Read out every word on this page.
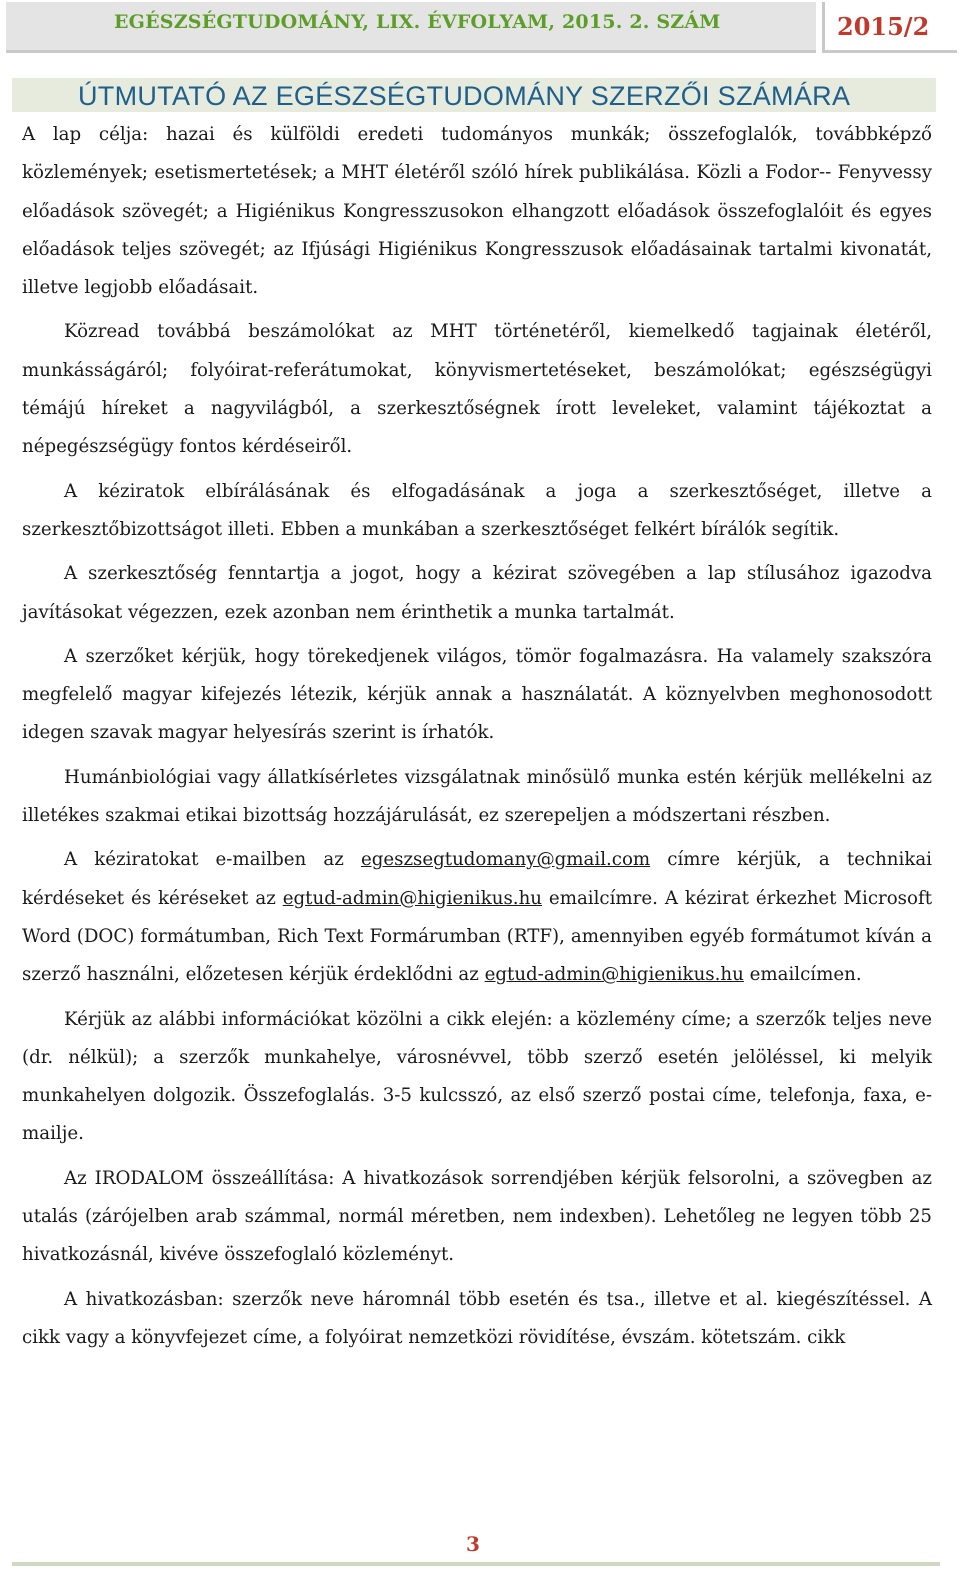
EGÉSZSÉGTUDOMÁNY, LIX. ÉVFOLYAM, 2015. 2. SZÁM	2015/2
ÚTMUTATÓ AZ EGÉSZSÉGTUDOMÁNY SZERZŐI SZÁMÁRA

A lap célja: hazai és külföldi eredeti tudományos munkák; összefoglalók, továbbképző közlemények; esetismertetések; a MHT életéről szóló hírek publikálása. Közli a Fodor-- Fenyvessy előadások szövegét; a Higiénikus Kongresszusokon elhangzott előadások összefoglalóit és egyes előadások teljes szövegét; az Ifjúsági Higiénikus Kongresszusok előadásainak tartalmi kivonatát, illetve legjobb előadásait.

Közread továbbá beszámolókat az MHT történetéről, kiemelkedő tagjainak életéről, munkásságáról; folyóirat-referátumokat, könyvismertetéseket, beszámolókat; egészségügyi témájú híreket a nagyvilágból, a szerkesztőségnek írott leveleket, valamint tájékoztat a népegészségügy fontos kérdéseiről.

A kéziratok elbírálásának és elfogadásának a joga a szerkesztőséget, illetve a szerkesztőbizottságot illeti. Ebben a munkában a szerkesztőséget felkért bírálók segítik.

A szerkesztőség fenntartja a jogot, hogy a kézirat szövegében a lap stílusához igazodva javításokat végezzen, ezek azonban nem érinthetik a munka tartalmát.

A szerzőket kérjük, hogy törekedjenek világos, tömör fogalmazásra. Ha valamely szakszóra megfelelő magyar kifejezés létezik, kérjük annak a használatát. A köznyelvben meghonosodott idegen szavak magyar helyesírás szerint is írhatók.

Humánbiológiai vagy állatkísérletes vizsgálatnak minősülő munka estén kérjük mellékelni az illetékes szakmai etikai bizottság hozzájárulását, ez szerepeljen a módszertani részben.

A kéziratokat e-mailben az egeszsegtudomany@gmail.com címre kérjük, a technikai kérdéseket és kéréseket az egtud-admin@higienikus.hu emailcímre. A kézirat érkezhet Microsoft Word (DOC) formátumban, Rich Text Formárumban (RTF), amennyiben egyéb formátumot kíván a szerző használni, előzetesen kérjük érdeklődni az egtud-admin@higienikus.hu emailcímen.

Kérjük az alábbi információkat közölni a cikk elején: a közlemény címe; a szerzők teljes neve (dr. nélkül); a szerzők munkahelye, városnévvel, több szerző esetén jelöléssel, ki melyik munkahelyen dolgozik. Összefoglalás. 3-5 kulcsszó, az első szerző postai címe, telefonja, faxa, e-mailje.

Az IRODALOM összeállítása: A hivatkozások sorrendjében kérjük felsorolni, a szövegben az utalás (zárójelben arab számmal, normál méretben, nem indexben). Lehetőleg ne legyen több 25 hivatkozásnál, kivéve összefoglaló közleményt.

A hivatkozásban: szerzők neve háromnál több esetén és tsa., illetve et al. kiegészítéssel. A cikk vagy a könyvfejezet címe, a folyóirat nemzetközi rövidítése, évszám. kötetszám. cikk

3
